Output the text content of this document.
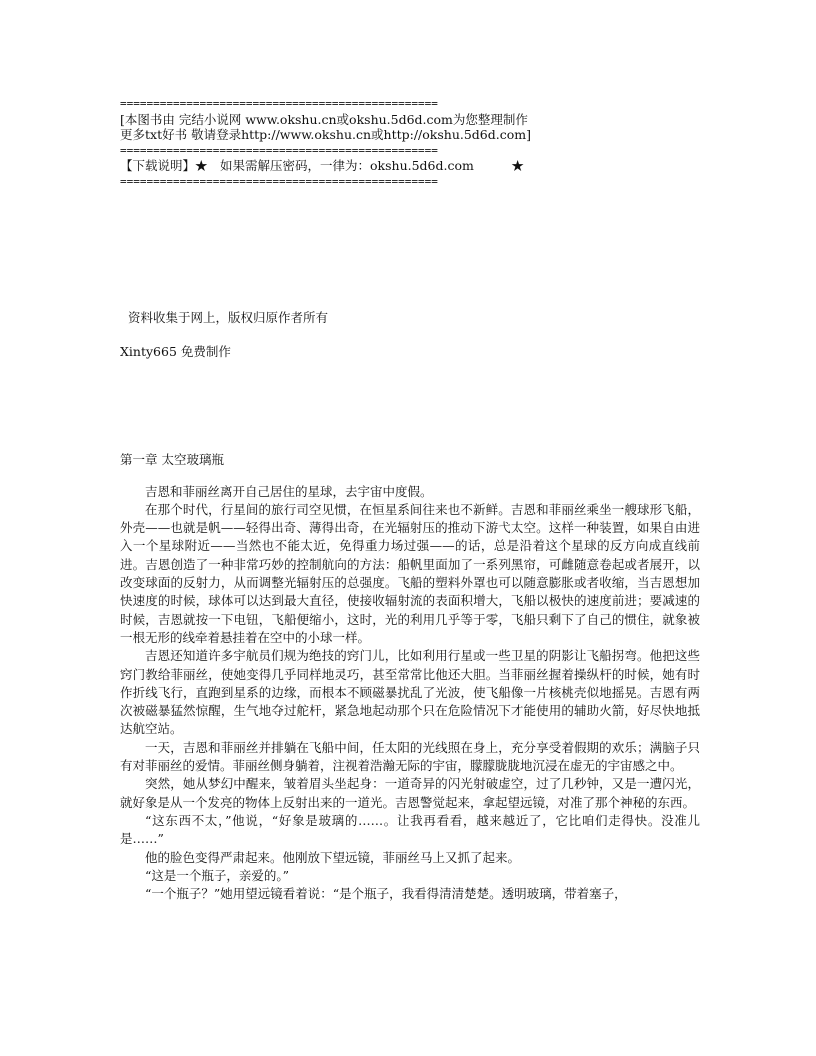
================================================
[本图书由 完结小说网 www.okshu.cn或okshu.5d6d.com为您整理制作
更多txt好书 敬请登录http://www.okshu.cn或http://okshu.5d6d.com]
================================================
【下载说明】★　如果需解压密码，一律为：okshu.5d6d.com　　　★
================================================
资料收集于网上，版权归原作者所有
Xinty665 免费制作
第一章 太空玻璃瓶

吉恩和菲丽丝离开自己居住的星球，去宇宙中度假。

在那个时代，行星间的旅行司空见惯，在恒星系间往来也不新鲜。吉恩和菲丽丝乘坐一艘球形飞船，外壳——也就是帆——轻得出奇、薄得出奇，在光辐射压的推动下游弋太空。这样一种装置，如果自由进入一个星球附近——当然也不能太近，免得重力场过强——的话，总是沿着这个星球的反方向成直线前进。吉恩创造了一种非常巧妙的控制航向的方法：船帆里面加了一系列黑帘，可雌随意卷起或者展开，以改变球面的反射力，从而调整光辐射压的总强度。飞船的塑料外罩也可以随意膨胀或者收缩，当吉恩想加快速度的时候，球体可以达到最大直径，使接收辐射流的表面积增大，飞船以极快的速度前进；要减速的时候，吉恩就按一下电钮，飞船便缩小，这时，光的利用几乎等于零，飞船只剩下了自己的惯住，就象被一根无形的线牵着悬挂着在空中的小球一样。

吉恩还知道许多宇航员们规为绝技的窍门儿，比如利用行星或一些卫星的阴影让飞船拐弯。他把这些窍门教给菲丽丝，使她变得几乎同样地灵巧，甚至常常比他还大胆。当菲丽丝握着操纵杆的时候，她有时作折线飞行，直跑到星系的边缘，而根本不顾磁暴扰乱了光波，使飞船像一片核桃壳似地摇晃。吉恩有两次被磁暴猛然惊醒，生气地夺过舵杆，紧急地起动那个只在危险情况下才能使用的辅助火箭，好尽快地抵达航空站。

一天，吉恩和菲丽丝并排躺在飞船中间，任太阳的光线照在身上，充分享受着假期的欢乐；满脑子只有对菲丽丝的爱情。菲丽丝侧身躺着，注视着浩瀚无际的宇宙，朦朦胧胧地沉浸在虚无的宇宙感之中。

突然，她从梦幻中醒来，皱着眉头坐起身：一道奇异的闪光射破虚空，过了几秒钟，又是一遭闪光，就好象是从一个发亮的物体上反射出来的一道光。吉恩警觉起来，拿起望远镜，对准了那个神秘的东西。

“这东西不太，”他说，“好象是玻璃的……。让我再看看，越来越近了，它比咱们走得快。没准儿是……”

他的脸色变得严肃起来。他刚放下望远镜，菲丽丝马上又抓了起来。

“这是一个瓶子，亲爱的。”

“一个瓶子？”她用望远镜看着说：“是个瓶子，我看得清清楚楚。透明玻璃，带着塞子，
